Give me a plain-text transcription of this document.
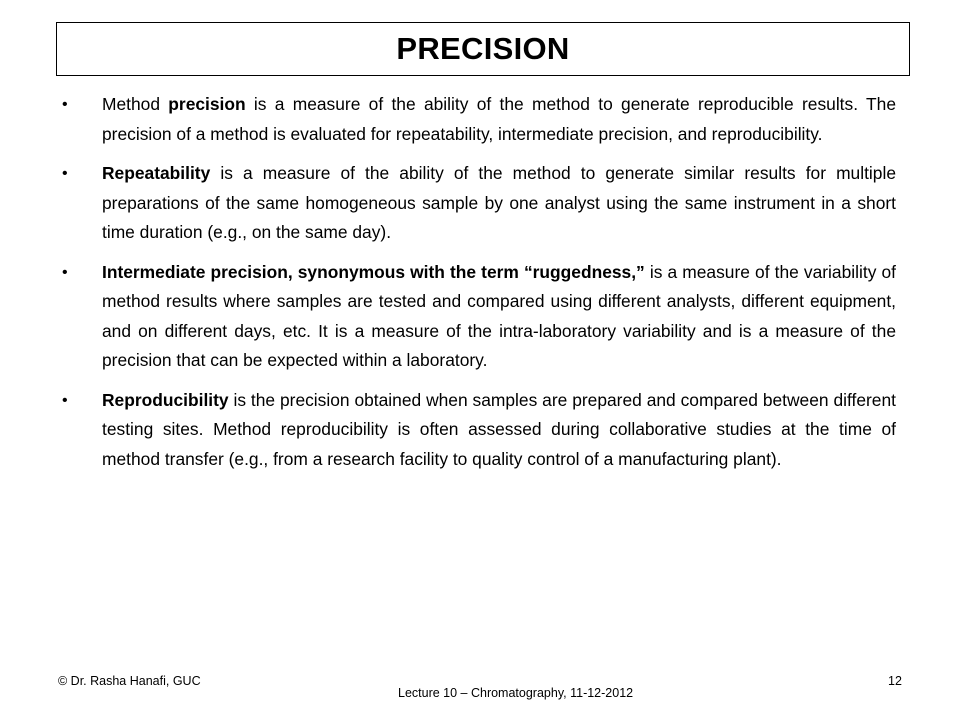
PRECISION
• Method precision is a measure of the ability of the method to generate reproducible results. The precision of a method is evaluated for repeatability, intermediate precision, and reproducibility.
• Repeatability is a measure of the ability of the method to generate similar results for multiple preparations of the same homogeneous sample by one analyst using the same instrument in a short time duration (e.g., on the same day).
• Intermediate precision, synonymous with the term “ruggedness,” is a measure of the variability of method results where samples are tested and compared using different analysts, different equipment, and on different days, etc. It is a measure of the intra-laboratory variability and is a measure of the precision that can be expected within a laboratory.
• Reproducibility is the precision obtained when samples are prepared and compared between different testing sites. Method reproducibility is often assessed during collaborative studies at the time of method transfer (e.g., from a research facility to quality control of a manufacturing plant).
© Dr. Rasha Hanafi, GUC
Lecture 10 – Chromatography, 11-12-2012
12
